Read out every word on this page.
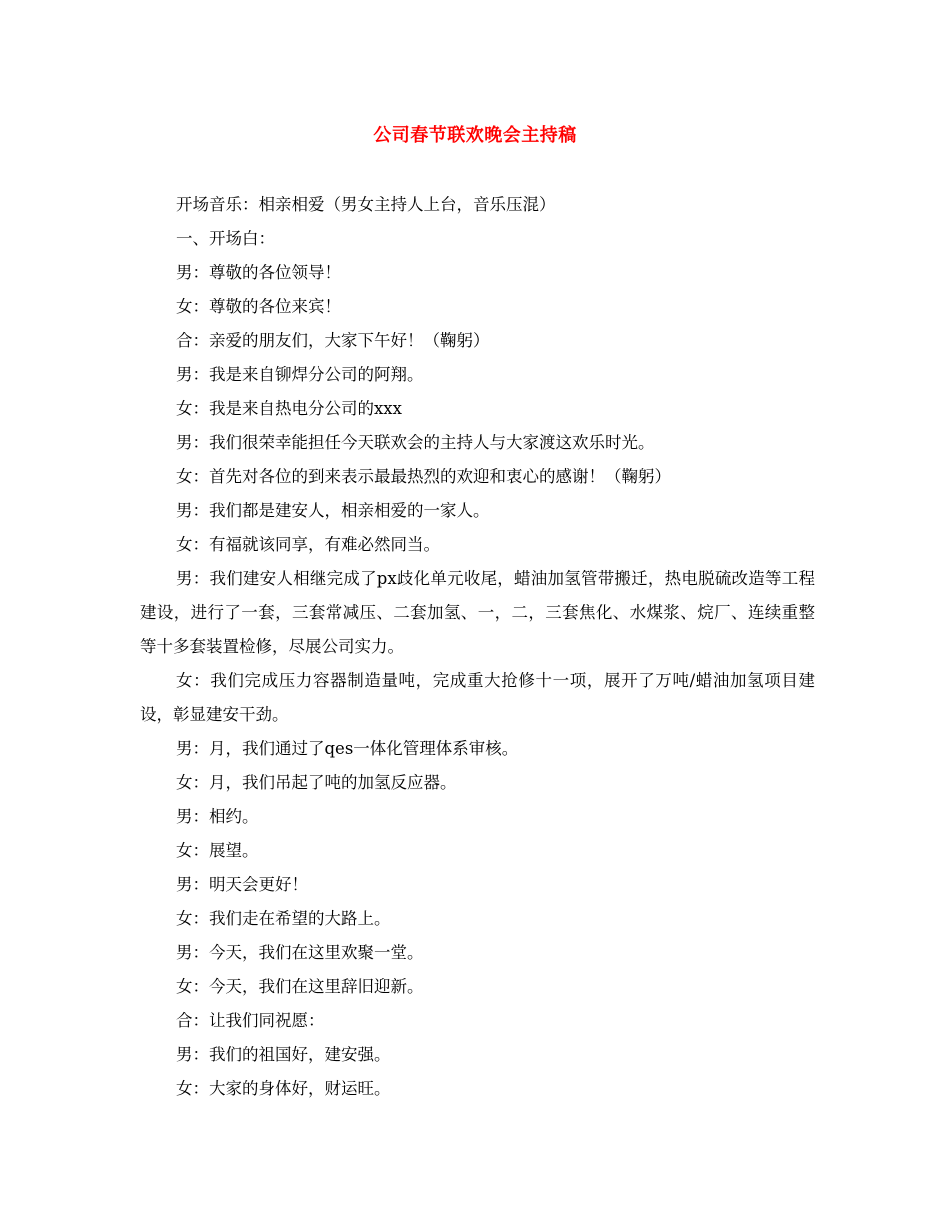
公司春节联欢晚会主持稿

开场音乐：相亲相爱（男女主持人上台，音乐压混）

一、开场白：

男：尊敬的各位领导！

女：尊敬的各位来宾！

合：亲爱的朋友们，大家下午好！（鞠躬）

男：我是来自铆焊分公司的阿翔。

女：我是来自热电分公司的xxx

男：我们很荣幸能担任今天联欢会的主持人与大家渡这欢乐时光。

女：首先对各位的到来表示最最热烈的欢迎和衷心的感谢！（鞠躬）

男：我们都是建安人，相亲相爱的一家人。

女：有福就该同享，有难必然同当。

男：我们建安人相继完成了px歧化单元收尾，蜡油加氢管带搬迁，热电脱硫改造等工程建设，进行了一套，三套常减压、二套加氢、一，二，三套焦化、水煤浆、烷厂、连续重整等十多套装置检修，尽展公司实力。

女：我们完成压力容器制造量吨，完成重大抢修十一项，展开了万吨/蜡油加氢项目建设，彰显建安干劲。

男：月，我们通过了qes一体化管理体系审核。

女：月，我们吊起了吨的加氢反应器。

男：相约。

女：展望。

男：明天会更好！

女：我们走在希望的大路上。

男：今天，我们在这里欢聚一堂。

女：今天，我们在这里辞旧迎新。

合：让我们同祝愿：

男：我们的祖国好，建安强。

女：大家的身体好，财运旺。
